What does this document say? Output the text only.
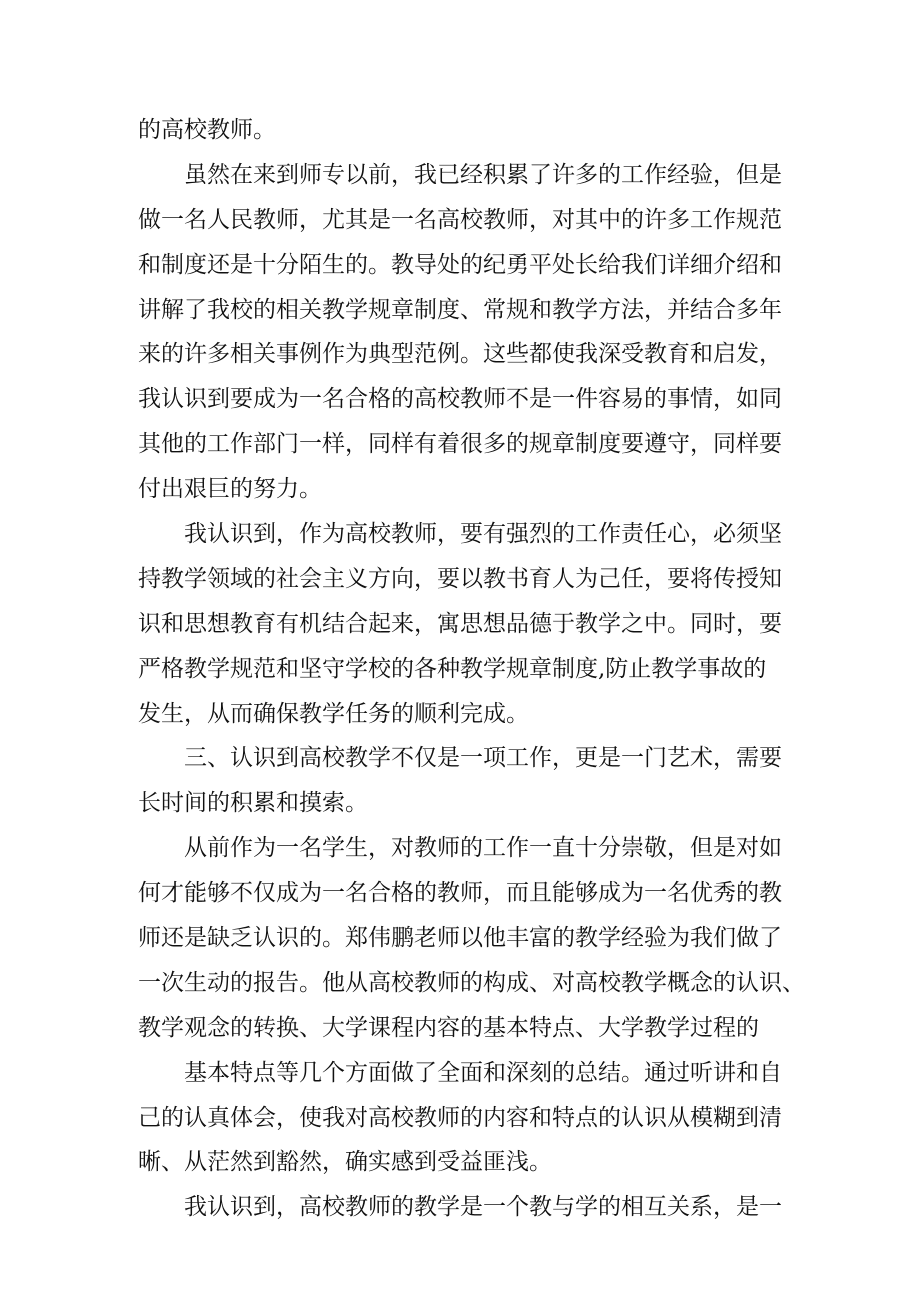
的高校教师。
虽然在来到师专以前，我已经积累了许多的工作经验，但是
做一名人民教师，尤其是一名高校教师，对其中的许多工作规范
和制度还是十分陌生的。教导处的纪勇平处长给我们详细介绍和
讲解了我校的相关教学规章制度、常规和教学方法，并结合多年
来的许多相关事例作为典型范例。这些都使我深受教育和启发，
我认识到要成为一名合格的高校教师不是一件容易的事情，如同
其他的工作部门一样，同样有着很多的规章制度要遵守，同样要
付出艰巨的努力。
我认识到，作为高校教师，要有强烈的工作责任心，必须坚
持教学领域的社会主义方向，要以教书育人为己任，要将传授知
识和思想教育有机结合起来，寓思想品德于教学之中。同时，要
严格教学规范和坚守学校的各种教学规章制度,防止教学事故的
发生，从而确保教学任务的顺利完成。
三、认识到高校教学不仅是一项工作，更是一门艺术，需要
长时间的积累和摸索。
从前作为一名学生，对教师的工作一直十分崇敬，但是对如
何才能够不仅成为一名合格的教师，而且能够成为一名优秀的教
师还是缺乏认识的。郑伟鹏老师以他丰富的教学经验为我们做了
一次生动的报告。他从高校教师的构成、对高校教学概念的认识、
教学观念的转换、大学课程内容的基本特点、大学教学过程的
基本特点等几个方面做了全面和深刻的总结。通过听讲和自
己的认真体会，使我对高校教师的内容和特点的认识从模糊到清
晰、从茫然到豁然，确实感到受益匪浅。
我认识到，高校教师的教学是一个教与学的相互关系，是一
